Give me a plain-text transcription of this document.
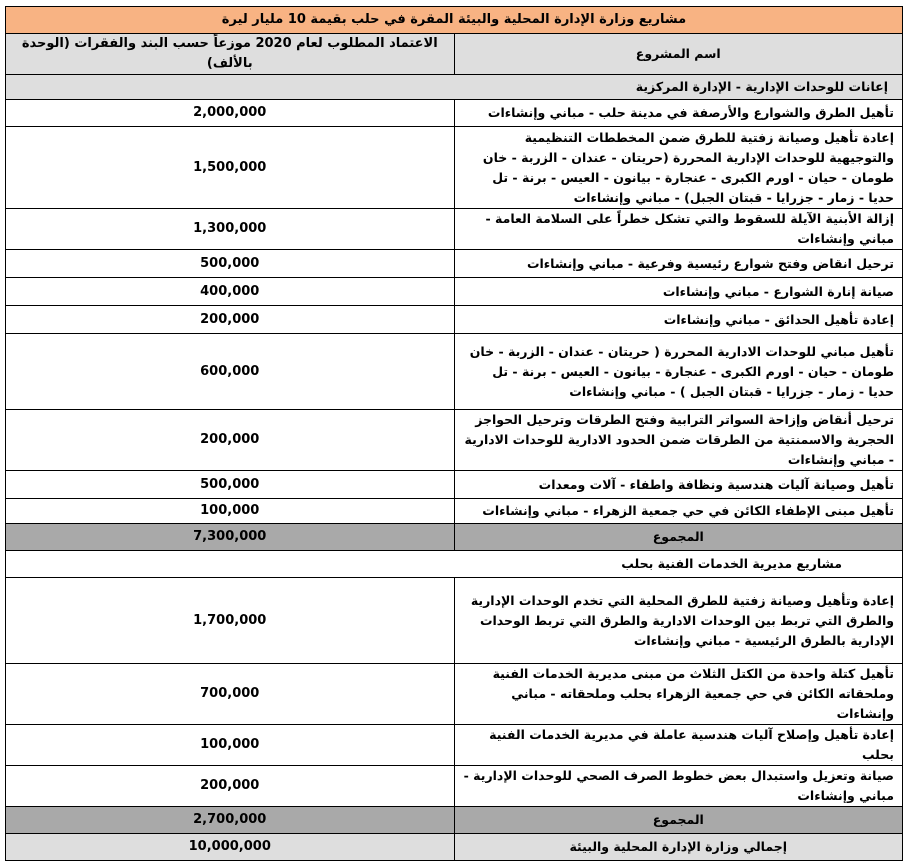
مشاريع وزارة الإدارة المحلية والبيئة المقرة في حلب بقيمة 10 مليار ليرة	
اسم المشروع	الاعتماد المطلوب لعام 2020 موزعاً حسب البند والفقرات (الوحدة بالألف)
إعانات للوحدات الإدارية - الإدارة المركزية	
تأهيل الطرق والشوارع والأرصفة في مدينة حلب - مباني وإنشاءات	2,000,000
إعادة تأهيل وصيانة زفتية للطرق ضمن المخططات التنظيمية والتوجيهية للوحدات الإدارية المحررة (حريتان - عندان - الزربة - خان طومان - حيان - اورم الكبرى - عنجارة - بيانون - العيس - برنة - تل حديا - زمار - جزرايا - قبتان الجبل) - مباني وإنشاءات	1,500,000
إزالة الأبنية الآيلة للسقوط والتي تشكل خطراً على السلامة العامة - مباني وإنشاءات	1,300,000
ترحيل انقاض وفتح شوارع رئيسية وفرعية - مباني وإنشاءات	500,000
صيانة إنارة الشوارع - مباني وإنشاءات	400,000
إعادة تأهيل الحدائق - مباني وإنشاءات	200,000
تأهيل مباني للوحدات الادارية المحررة ( حريتان - عندان - الزربة - خان طومان - حيان - اورم الكبرى - عنجارة - بيانون - العيس - برنة - تل حديا - زمار - جزرايا - قبتان الجبل ) - مباني وإنشاءات	600,000
ترحيل أنقاض وإزاحة السواتر الترابية وفتح الطرقات وترحيل الحواجز الحجرية والاسمنتية من الطرقات ضمن الحدود الادارية للوحدات الادارية - مباني وإنشاءات	200,000
تأهيل وصيانة آليات هندسية ونظافة واطفاء - آلات ومعدات	500,000
تأهيل مبنى الإطفاء الكائن في حي جمعية الزهراء - مباني وإنشاءات	100,000
المجموع	7,300,000
مشاريع مديرية الخدمات الفنية بحلب	
إعادة وتأهيل وصيانة زفتية للطرق المحلية التي تخدم الوحدات الإدارية والطرق التي تربط بين الوحدات الادارية والطرق التي تربط الوحدات الإدارية بالطرق الرئيسية - مباني وإنشاءات	1,700,000
تأهيل كتلة واحدة من الكتل الثلاث من مبنى مديرية الخدمات الفنية وملحقاته الكائن في حي جمعية الزهراء بحلب وملحقاته - مباني وإنشاءات	700,000
إعادة تأهيل وإصلاح آليات هندسية عاملة في مديرية الخدمات الفنية بحلب	100,000
صيانة وتعزيل واستبدال بعض خطوط الصرف الصحي للوحدات الإدارية - مباني وإنشاءات	200,000
المجموع	2,700,000
إجمالي وزارة الإدارة المحلية والبيئة	10,000,000
